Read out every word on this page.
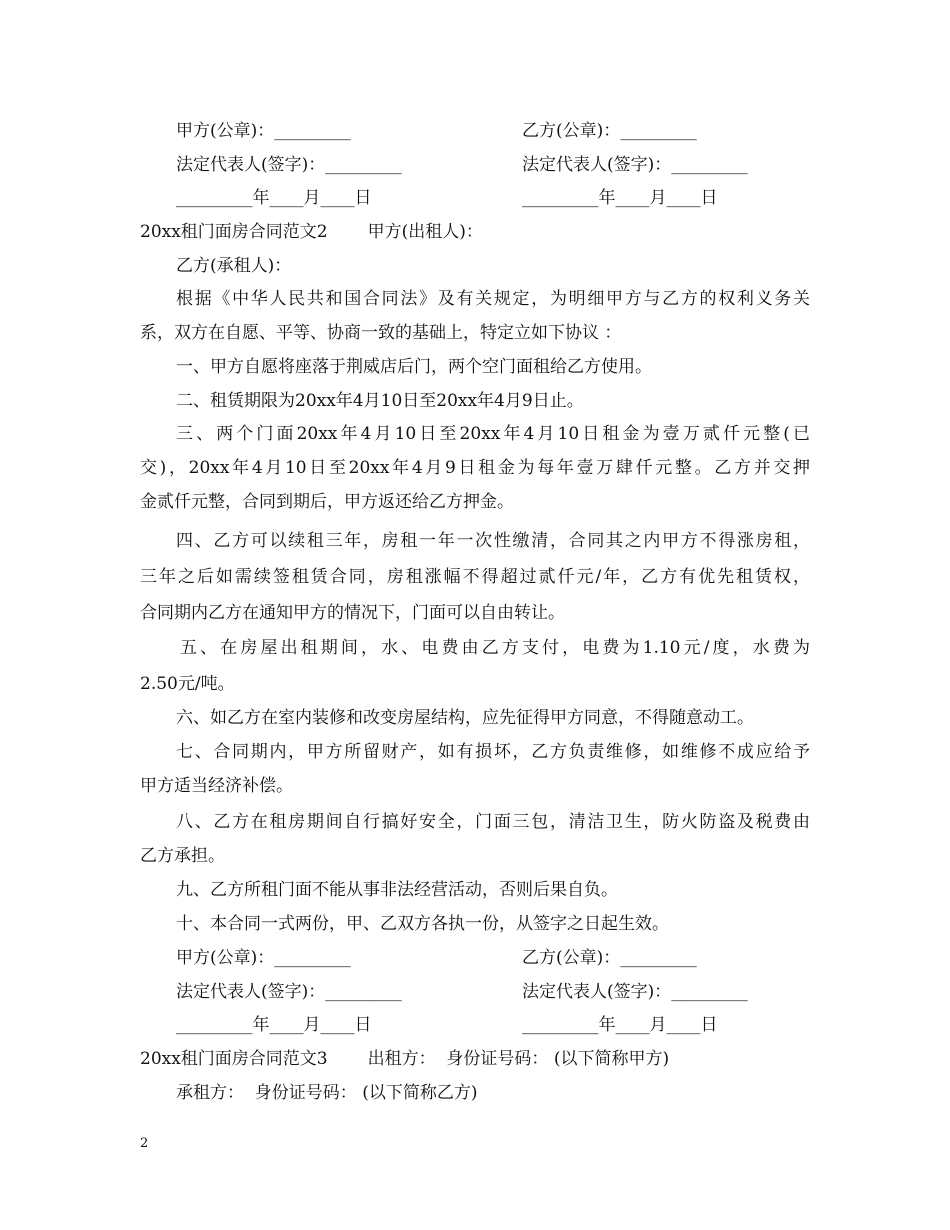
甲方(公章)：_________	乙方(公章)：_________
法定代表人(签字)：_________	法定代表人(签字)：_________
_________年____月____日	_________年____月____日
20xx租门面房合同范文2 甲方(出租人)：
乙方(承租人)：
根据《中华人民共和国合同法》及有关规定，为明细甲方与乙方的权利义务关
系，双方在自愿、平等、协商一致的基础上，特定立如下协议 ：
一、甲方自愿将座落于荆威店后门，两个空门面租给乙方使用。
二、租赁期限为20xx年4月10日至20xx年4月9日止。
三、两个门面20xx年4月10日至20xx年4月10日租金为壹万贰仟元整(已
交)，20xx年4月10日至20xx年4月9日租金为每年壹万肆仟元整。乙方并交押
金贰仟元整，合同到期后，甲方返还给乙方押金。
四、乙方可以续租三年，房租一年一次性缴清，合同其之内甲方不得涨房租，
三年之后如需续签租赁合同，房租涨幅不得超过贰仟元/年，乙方有优先租赁权，
合同期内乙方在通知甲方的情况下，门面可以自由转让。
五、在房屋出租期间，水、电费由乙方支付，电费为1.10元/度，水费为
2.50元/吨。
六、如乙方在室内装修和改变房屋结构，应先征得甲方同意，不得随意动工。
七、合同期内，甲方所留财产，如有损坏，乙方负责维修，如维修不成应给予
甲方适当经济补偿。
八、乙方在租房期间自行搞好安全，门面三包，清洁卫生，防火防盗及税费由
乙方承担。
九、乙方所租门面不能从事非法经营活动，否则后果自负。
十、本合同一式两份，甲、乙双方各执一份，从签字之日起生效。
甲方(公章)：_________	乙方(公章)：_________
法定代表人(签字)：_________	法定代表人(签字)：_________
_________年____月____日	_________年____月____日
20xx租门面房合同范文3 出租方：  身份证号码： (以下简称甲方)
承租方：  身份证号码： (以下简称乙方)
2
